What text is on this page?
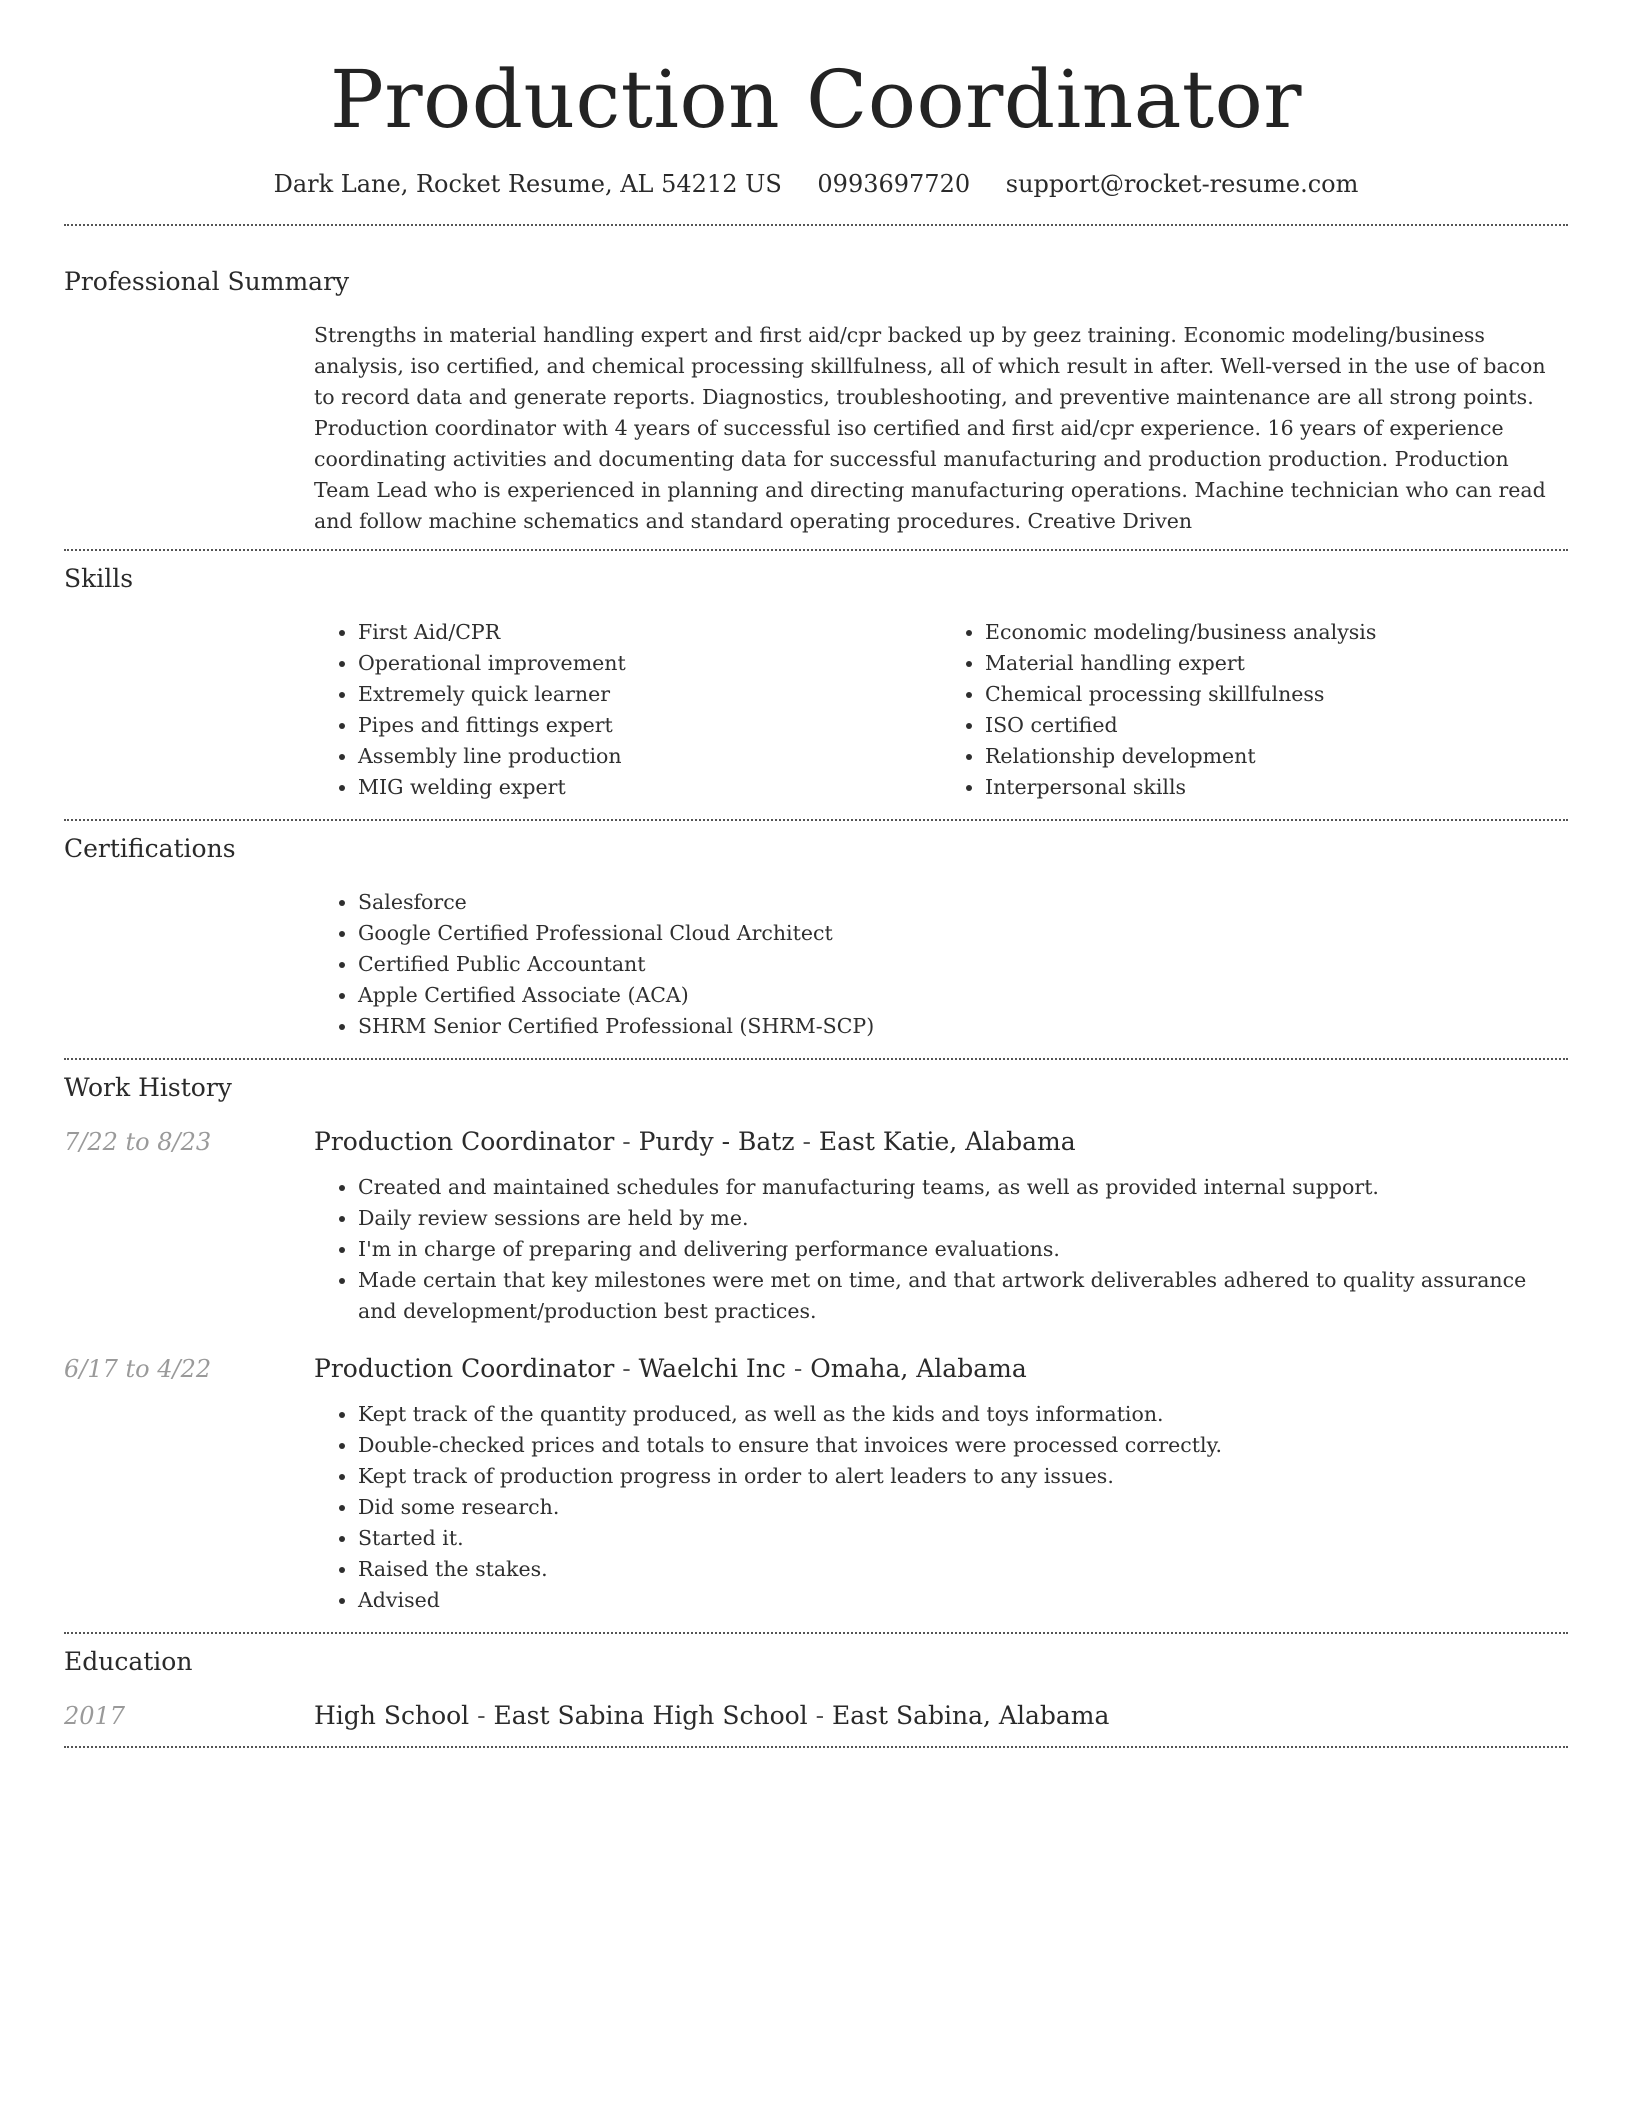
Production Coordinator
Dark Lane, Rocket Resume, AL 54212 US 0993697720 support@rocket-resume.com
Professional Summary
Strengths in material handling expert and first aid/cpr backed up by geez training. Economic modeling/business analysis, iso certified, and chemical processing skillfulness, all of which result in after. Well-versed in the use of bacon to record data and generate reports. Diagnostics, troubleshooting, and preventive maintenance are all strong points. Production coordinator with 4 years of successful iso certified and first aid/cpr experience. 16 years of experience coordinating activities and documenting data for successful manufacturing and production production. Production Team Lead who is experienced in planning and directing manufacturing operations. Machine technician who can read and follow machine schematics and standard operating procedures. Creative Driven
Skills
• First Aid/CPR
• Operational improvement
• Extremely quick learner
• Pipes and fittings expert
• Assembly line production
• MIG welding expert
• Economic modeling/business analysis
• Material handling expert
• Chemical processing skillfulness
• ISO certified
• Relationship development
• Interpersonal skills
Certifications
• Salesforce
• Google Certified Professional Cloud Architect
• Certified Public Accountant
• Apple Certified Associate (ACA)
• SHRM Senior Certified Professional (SHRM-SCP)
Work History
7/22 to 8/23	Production Coordinator - Purdy - Batz - East Katie, Alabama
• Created and maintained schedules for manufacturing teams, as well as provided internal support.
• Daily review sessions are held by me.
• I'm in charge of preparing and delivering performance evaluations.
• Made certain that key milestones were met on time, and that artwork deliverables adhered to quality assurance and development/production best practices.
6/17 to 4/22	Production Coordinator - Waelchi Inc - Omaha, Alabama
• Kept track of the quantity produced, as well as the kids and toys information.
• Double-checked prices and totals to ensure that invoices were processed correctly.
• Kept track of production progress in order to alert leaders to any issues.
• Did some research.
• Started it.
• Raised the stakes.
• Advised
Education
2017	High School - East Sabina High School - East Sabina, Alabama
